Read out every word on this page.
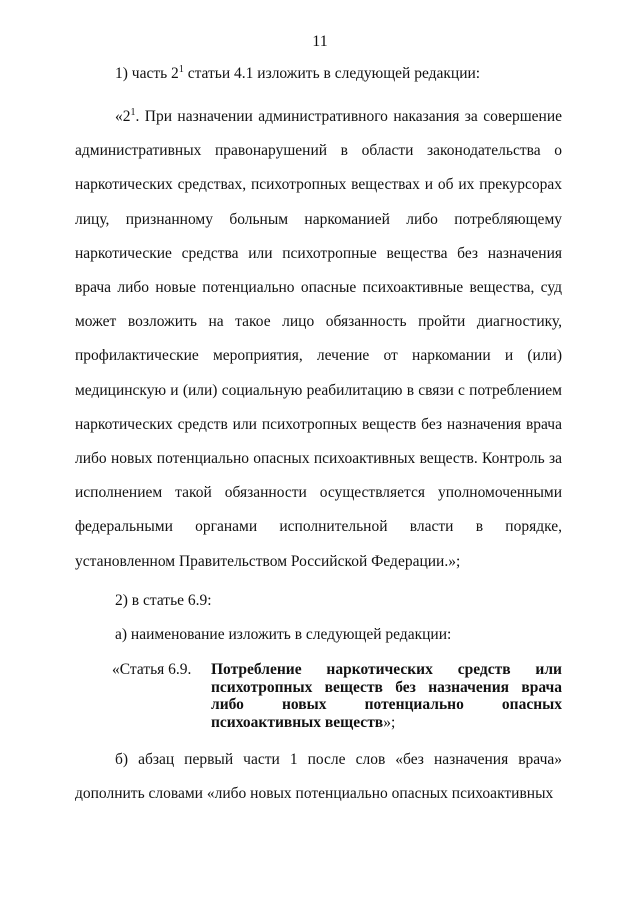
11

1) часть $2^1$ статьи 4.1 изложить в следующей редакции:

«$2^1$. При назначении административного наказания за совершение административных правонарушений в области законодательства о наркотических средствах, психотропных веществах и об их прекурсорах лицу, признанному больным наркоманией либо потребляющему наркотические средства или психотропные вещества без назначения врача либо новые потенциально опасные психоактивные вещества, суд может возложить на такое лицо обязанность пройти диагностику, профилактические мероприятия, лечение от наркомании и (или) медицинскую и (или) социальную реабилитацию в связи с потреблением наркотических средств или психотропных веществ без назначения врача либо новых потенциально опасных психоактивных веществ. Контроль за исполнением такой обязанности осуществляется уполномоченными федеральными органами исполнительной власти в порядке, установленном Правительством Российской Федерации.»;

2) в статье 6.9:

а) наименование изложить в следующей редакции:

«Статья 6.9.	Потребление наркотических средств или психотропных веществ без назначения врача либо новых потенциально опасных психоактивных веществ»;

б) абзац первый части 1 после слов «без назначения врача» дополнить словами «либо новых потенциально опасных психоактивных
